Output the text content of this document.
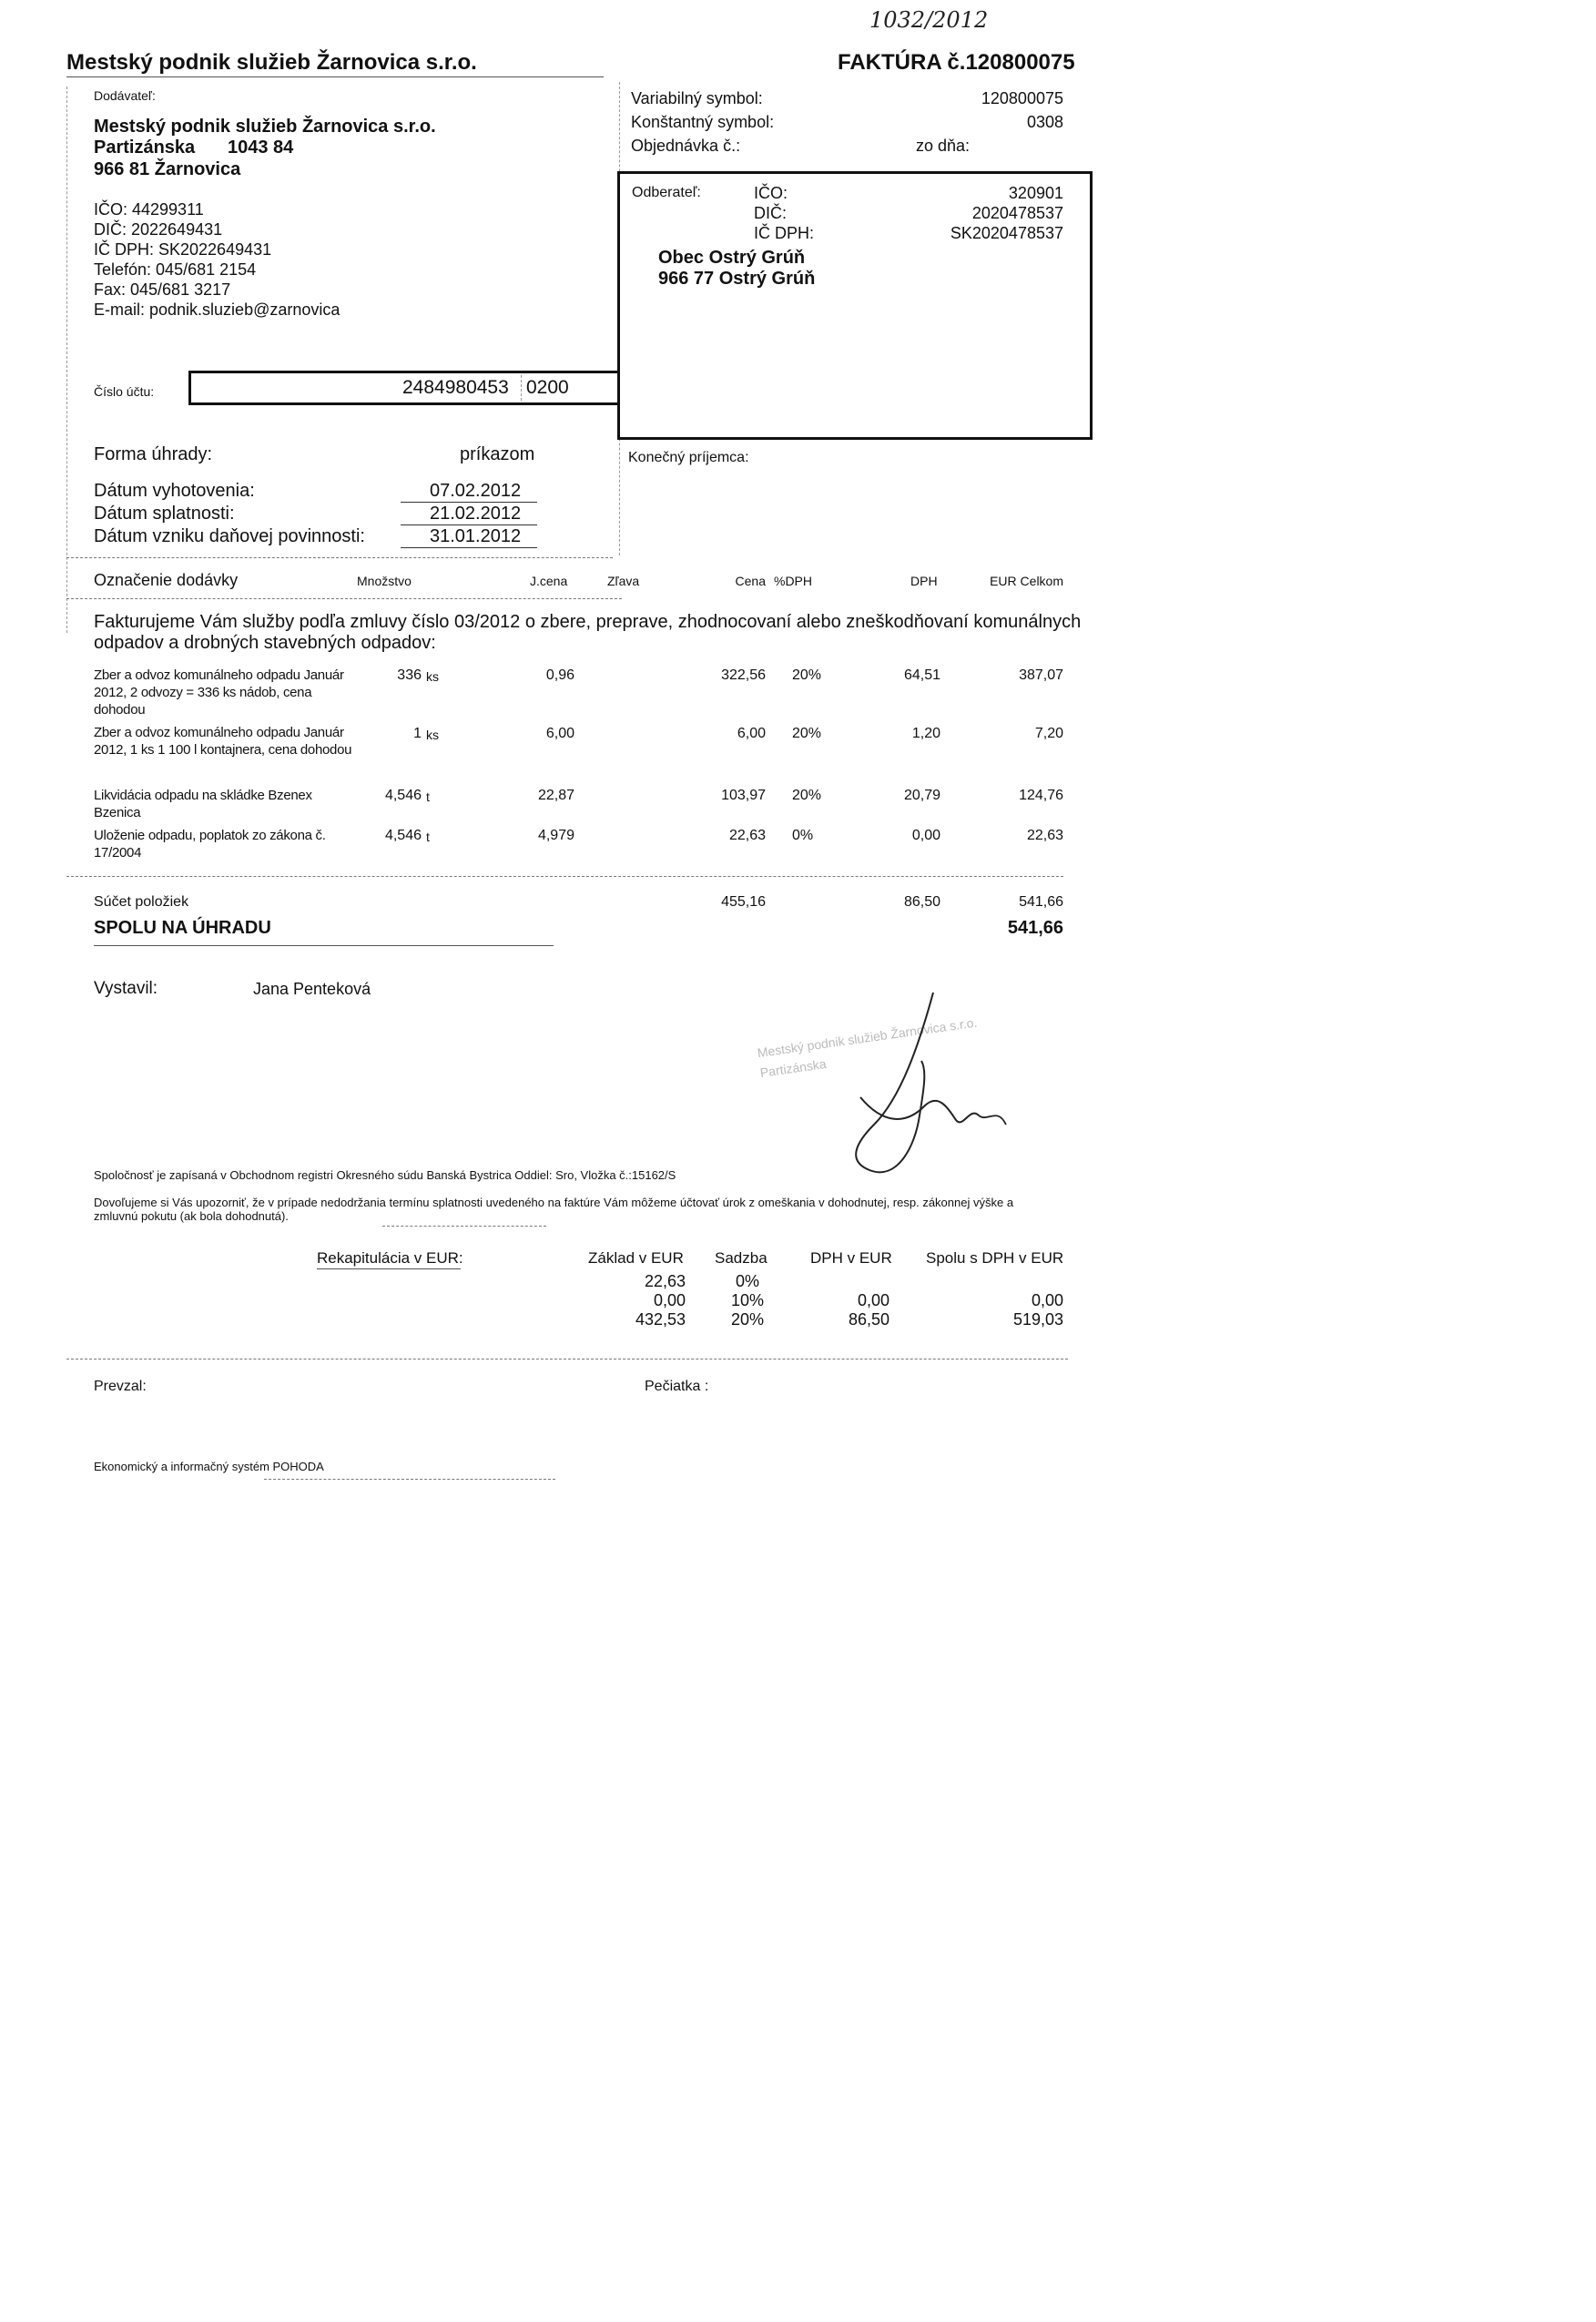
1032/2012
Mestský podnik služieb Žarnovica s.r.o.	FAKTÚRA č.120800075
Dodávateľ:
Mestský podnik služieb Žarnovica s.r.o.
Partizánska 1043 84
966 81 Žarnovica
IČO: 44299311
DIČ: 2022649431
IČ DPH: SK2022649431
Telefón: 045/681 2154
Fax: 045/681 3217
E-mail: podnik.sluzieb@zarnovica
Variabilný symbol:	120800075
Konštantný symbol:	0308
Objednávka č.:	zo dňa:
Odberateľ:	IČO:	320901
DIČ:	2020478537
IČ DPH:	SK2020478537
Obec Ostrý Grúň
966 77 Ostrý Grúň
Číslo účtu:	2484980453 0200
Forma úhrady:	príkazom
Dátum vyhotovenia:	07.02.2012
Dátum splatnosti:	21.02.2012
Dátum vzniku daňovej povinnosti:	31.01.2012
Konečný príjemca:
Označenie dodávky	Množstvo	J.cena	Zľava	Cena %DPH	DPH	EUR Celkom
Fakturujeme Vám služby podľa zmluvy číslo 03/2012 o zbere, preprave, zhodnocovaní alebo zneškodňovaní komunálnych odpadov a drobných stavebných odpadov:
Zber a odvoz komunálneho odpadu Január 2012, 2 odvozy = 336 ks nádob, cena dohodou
336 ks	0,96	322,56 20%	64,51	387,07
Zber a odvoz komunálneho odpadu Január 2012, 1 ks 1 100 l kontajnera, cena dohodou
1 ks	6,00	6,00 20%	1,20	7,20
Likvidácia odpadu na skládke Bzenex Bzenica
4,546 t	22,87	103,97 20%	20,79	124,76
Uloženie odpadu, poplatok zo zákona č. 17/2004
4,546 t	4,979	22,63 0%	0,00	22,63
Súčet položiek	455,16	86,50	541,66
SPOLU NA ÚHRADU	541,66
Vystavil:	Jana Penteková
Mestský podnik služieb Žarnovica s.r.o. Partizánska
Spoločnosť je zapísaná v Obchodnom registri Okresného súdu Banská Bystrica Oddiel: Sro, Vložka č.:15162/S
Dovoľujeme si Vás upozorniť, že v prípade nedodržania termínu splatnosti uvedeného na faktúre Vám môžeme účtovať úrok z omeškania v dohodnutej, resp. zákonnej výške a zmluvnú pokutu (ak bola dohodnutá).
Rekapitulácia v EUR:	Základ v EUR Sadzba	DPH v EUR Spolu s DPH v EUR
22,63	0%
0,00	10%	0,00	0,00
432,53	20%	86,50	519,03
Prevzal:	Pečiatka :
Ekonomický a informačný systém POHODA
